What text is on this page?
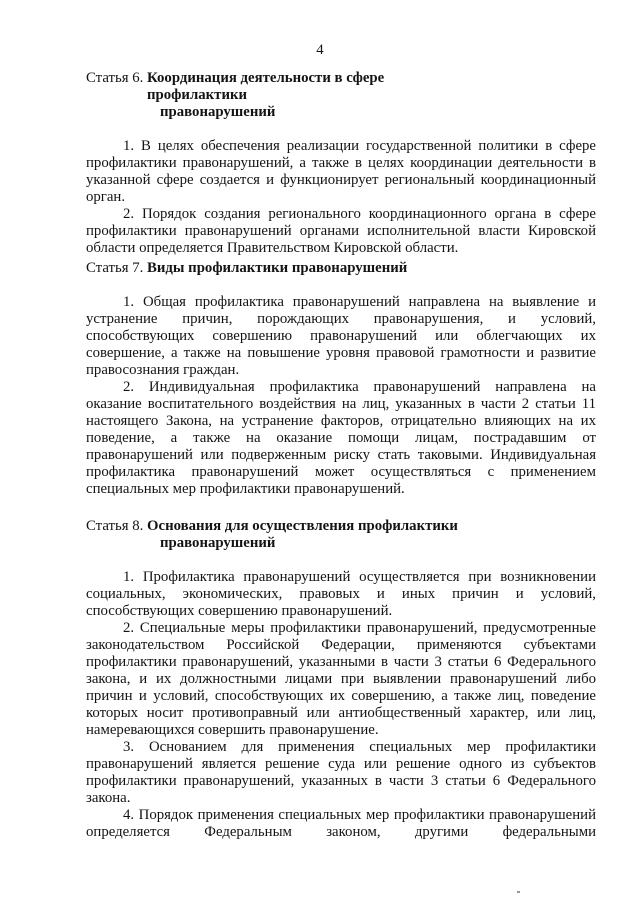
4
Статья 6. Координация деятельности в сфере профилактики
правонарушений

1. В целях обеспечения реализации государственной политики в сфере профилактики правонарушений, а также в целях координации деятельности в указанной сфере создается и функционирует региональный координационный орган.

2. Порядок создания регионального координационного органа в сфере профилактики правонарушений органами исполнительной власти Кировской области определяется Правительством Кировской области.

Статья 7. Виды профилактики правонарушений

1. Общая профилактика правонарушений направлена на выявление и устранение причин, порождающих правонарушения, и условий, способствующих совершению правонарушений или облегчающих их совершение, а также на повышение уровня правовой грамотности и развитие правосознания граждан.

2. Индивидуальная профилактика правонарушений направлена на оказание воспитательного воздействия на лиц, указанных в части 2 статьи 11 настоящего Закона, на устранение факторов, отрицательно влияющих на их поведение, а также на оказание помощи лицам, пострадавшим от правонарушений или подверженным риску стать таковыми. Индивидуальная профилактика правонарушений может осуществляться с применением специальных мер профилактики правонарушений.

Статья 8. Основания для осуществления профилактики
правонарушений

1. Профилактика правонарушений осуществляется при возникновении социальных, экономических, правовых и иных причин и условий, способствующих совершению правонарушений.

2. Специальные меры профилактики правонарушений, предусмотренные законодательством Российской Федерации, применяются субъектами профилактики правонарушений, указанными в части 3 статьи 6 Федерального закона, и их должностными лицами при выявлении правонарушений либо причин и условий, способствующих их совершению, а также лиц, поведение которых носит противоправный или антиобщественный характер, или лиц, намеревающихся совершить правонарушение.

3. Основанием для применения специальных мер профилактики правонарушений является решение суда или решение одного из субъектов профилактики правонарушений, указанных в части 3 статьи 6 Федерального закона.

4. Порядок применения специальных мер профилактики правонарушений определяется Федеральным законом, другими федеральными
